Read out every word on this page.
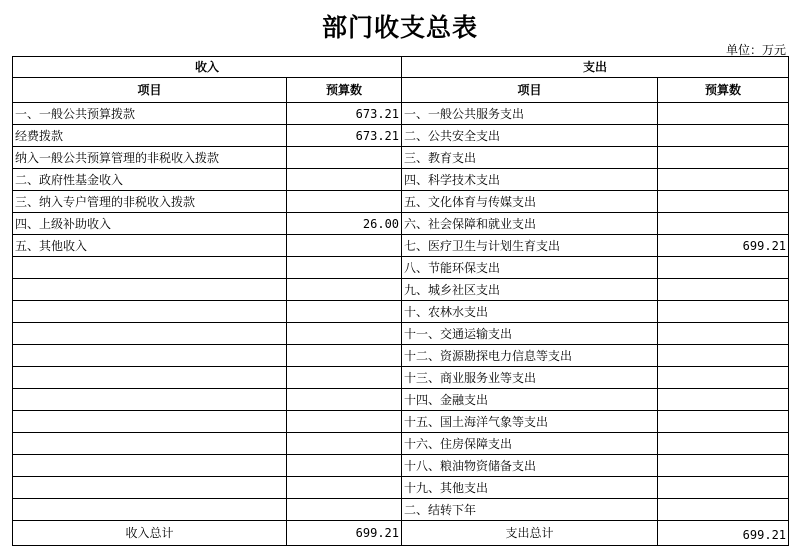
部门收支总表
单位：万元
收入		支出	
项目	预算数	项目	预算数
一、一般公共预算拨款	673.21	一、一般公共服务支出	
经费拨款	673.21	二、公共安全支出	
纳入一般公共预算管理的非税收入拨款		三、教育支出	
二、政府性基金收入		四、科学技术支出	
三、纳入专户管理的非税收入拨款		五、文化体育与传媒支出	
四、上级补助收入	26.00	六、社会保障和就业支出	
五、其他收入		七、医疗卫生与计划生育支出	699.21
		八、节能环保支出	
		九、城乡社区支出	
		十、农林水支出	
		十一、交通运输支出	
		十二、资源勘探电力信息等支出	
		十三、商业服务业等支出	
		十四、金融支出	
		十五、国土海洋气象等支出	
		十六、住房保障支出	
		十八、粮油物资储备支出	
		十九、其他支出	
		二、结转下年	
收入总计	699.21	支出总计	699.21
